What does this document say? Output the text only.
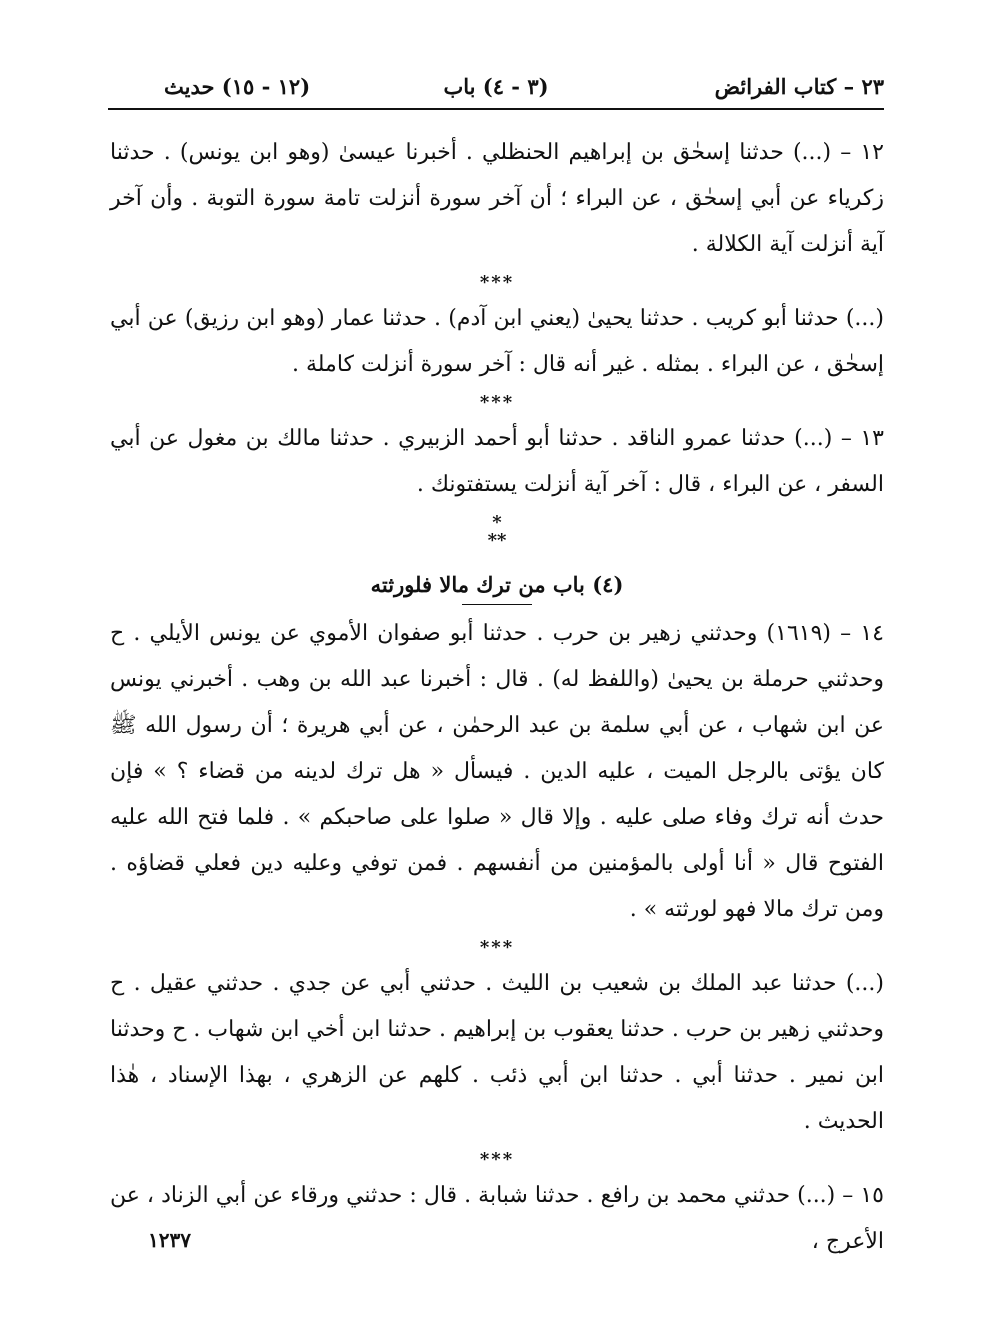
٢٣ – كتاب الفرائض
(٣ - ٤) باب
(١٢ - ١٥) حديث

١٢ – (...) حدثنا إسحٰق بن إبراهيم الحنظلي . أخبرنا عيسىٰ (وهو ابن يونس) . حدثنا زكرياء عن أبي إسحٰق ، عن البراء ؛ أن آخر سورة أنزلت تامة سورة التوبة . وأن آخر آية أنزلت آية الكلالة .

***

(...) حدثنا أبو كريب . حدثنا يحيىٰ (يعني ابن آدم) . حدثنا عمار (وهو ابن رزيق) عن أبي إسحٰق ، عن البراء . بمثله . غير أنه قال : آخر سورة أنزلت كاملة .

***

١٣ – (...) حدثنا عمرو الناقد . حدثنا أبو أحمد الزبيري . حدثنا مالك بن مغول عن أبي السفر ، عن البراء ، قال : آخر آية أنزلت يستفتونك .

*
**
(٤) باب من ترك مالا فلورثته

١٤ – (١٦١٩) وحدثني زهير بن حرب . حدثنا أبو صفوان الأموي عن يونس الأيلي . ح وحدثني حرملة بن يحيىٰ (واللفظ له) . قال : أخبرنا عبد الله بن وهب . أخبرني يونس عن ابن شهاب ، عن أبي سلمة بن عبد الرحمٰن ، عن أبي هريرة ؛ أن رسول الله ﷺ كان يؤتى بالرجل الميت ، عليه الدين . فيسأل « هل ترك لدينه من قضاء ؟ » فإن حدث أنه ترك وفاء صلى عليه . وإلا قال « صلوا على صاحبكم » . فلما فتح الله عليه الفتوح قال « أنا أولى بالمؤمنين من أنفسهم . فمن توفي وعليه دين فعلي قضاؤه . ومن ترك مالا فهو لورثته » .

***

(...) حدثنا عبد الملك بن شعيب بن الليث . حدثني أبي عن جدي . حدثني عقيل . ح وحدثني زهير بن حرب . حدثنا يعقوب بن إبراهيم . حدثنا ابن أخي ابن شهاب . ح وحدثنا ابن نمير . حدثنا أبي . حدثنا ابن أبي ذئب . كلهم عن الزهري ، بهذا الإسناد ، هٰذا الحديث .

***

١٥ – (...) حدثني محمد بن رافع . حدثنا شبابة . قال : حدثني ورقاء عن أبي الزناد ، عن الأعرج ،

١٢٣٧
